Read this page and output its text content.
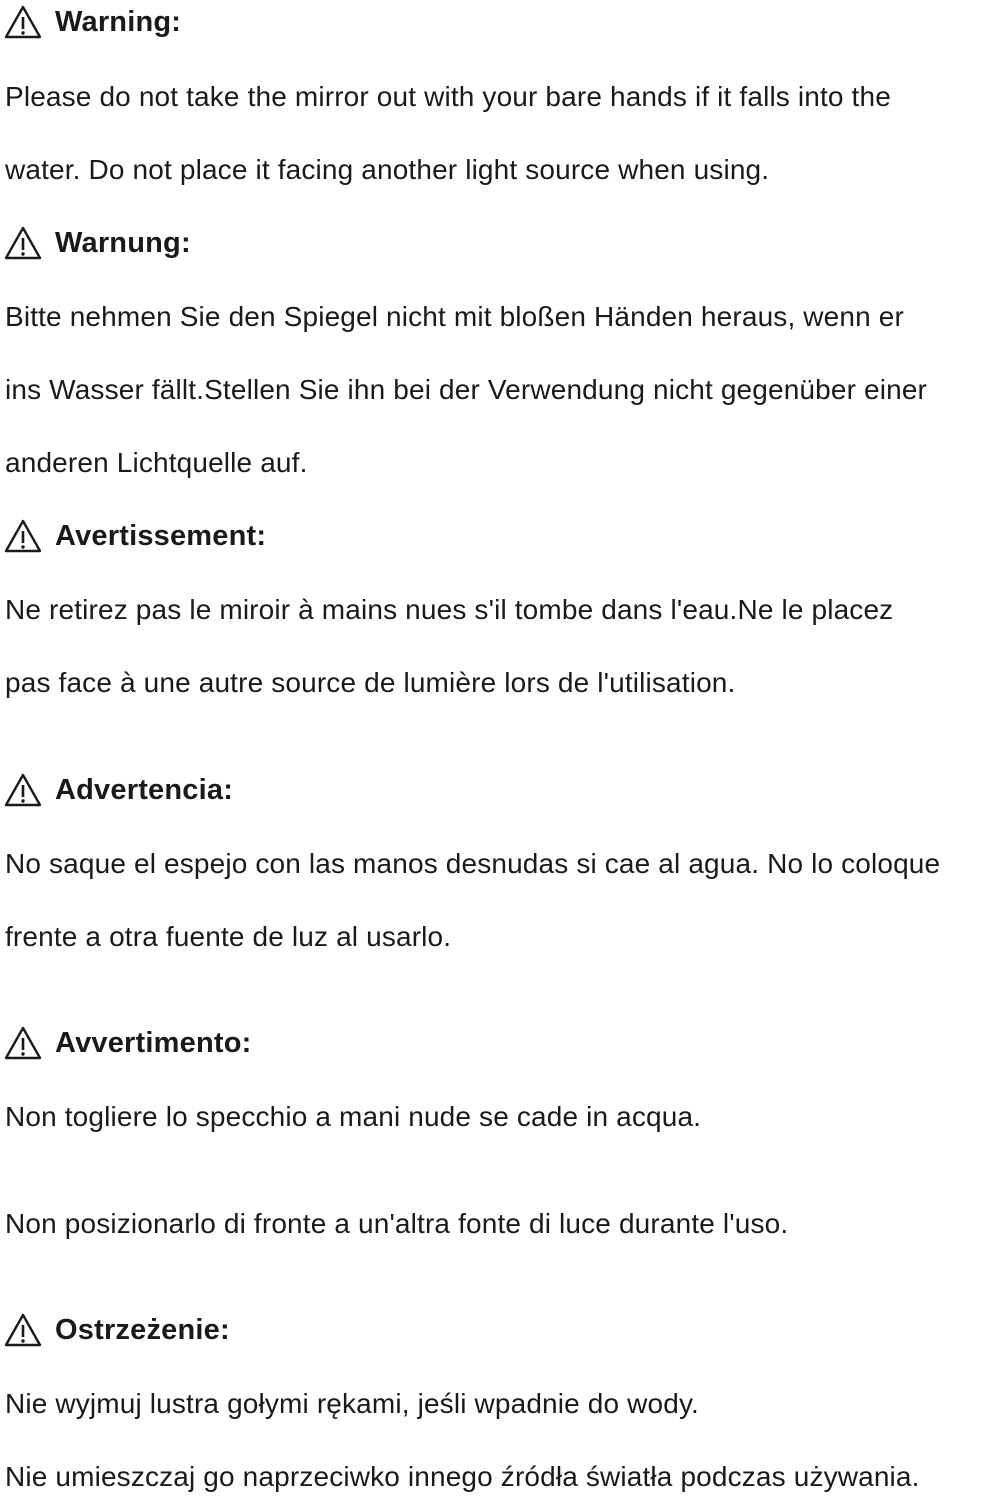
Warning:
Please do not take the mirror out with your bare hands if it falls into the
water. Do not place it facing another light source when using.
Warnung:
Bitte nehmen Sie den Spiegel nicht mit bloßen Händen heraus, wenn er
ins Wasser fällt.Stellen Sie ihn bei der Verwendung nicht gegenüber einer
anderen Lichtquelle auf.
Avertissement:
Ne retirez pas le miroir à mains nues s'il tombe dans l'eau.Ne le placez
pas face à une autre source de lumière lors de l'utilisation.
Advertencia:
No saque el espejo con las manos desnudas si cae al agua. No lo coloque
frente a otra fuente de luz al usarlo.
Avvertimento:
Non togliere lo specchio a mani nude se cade in acqua.
Non posizionarlo di fronte a un'altra fonte di luce durante l'uso.
Ostrzeżenie:
Nie wyjmuj lustra gołymi rękami, jeśli wpadnie do wody.
Nie umieszczaj go naprzeciwko innego źródła światła podczas używania.
